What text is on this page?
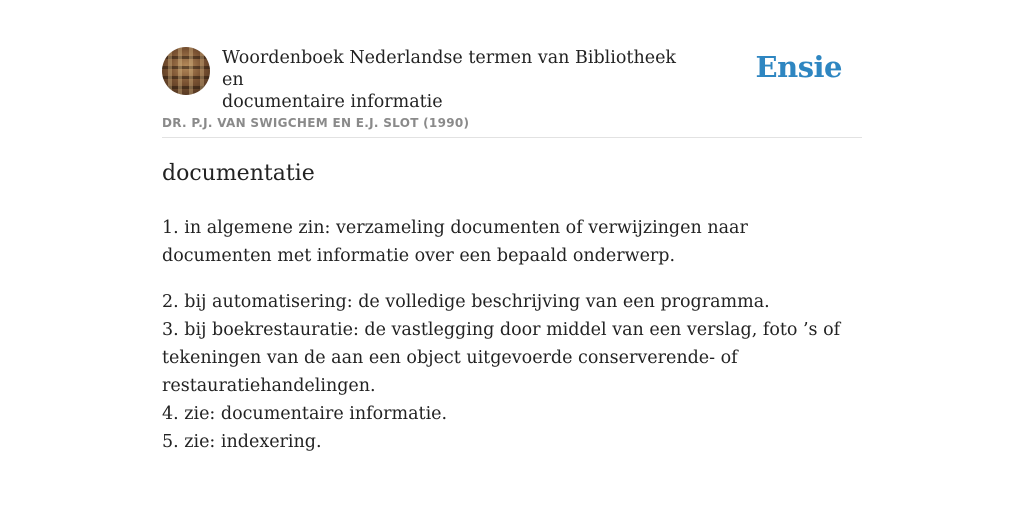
Woordenboek Nederlandse termen van Bibliotheek en
documentaire informatie
Ensie
DR. P.J. VAN SWIGCHEM EN E.J. SLOT (1990)
documentatie

1. in algemene zin: verzameling documenten of verwijzingen naar documenten met informatie over een bepaald onderwerp.

2. bij automatisering: de volledige beschrijving van een programma.

3. bij boekrestauratie: de vastlegging door middel van een verslag, foto ’s of tekeningen van de aan een object uitgevoerde conserverende- of restauratiehandelingen.

4. zie: documentaire informatie.

5. zie: indexering.
